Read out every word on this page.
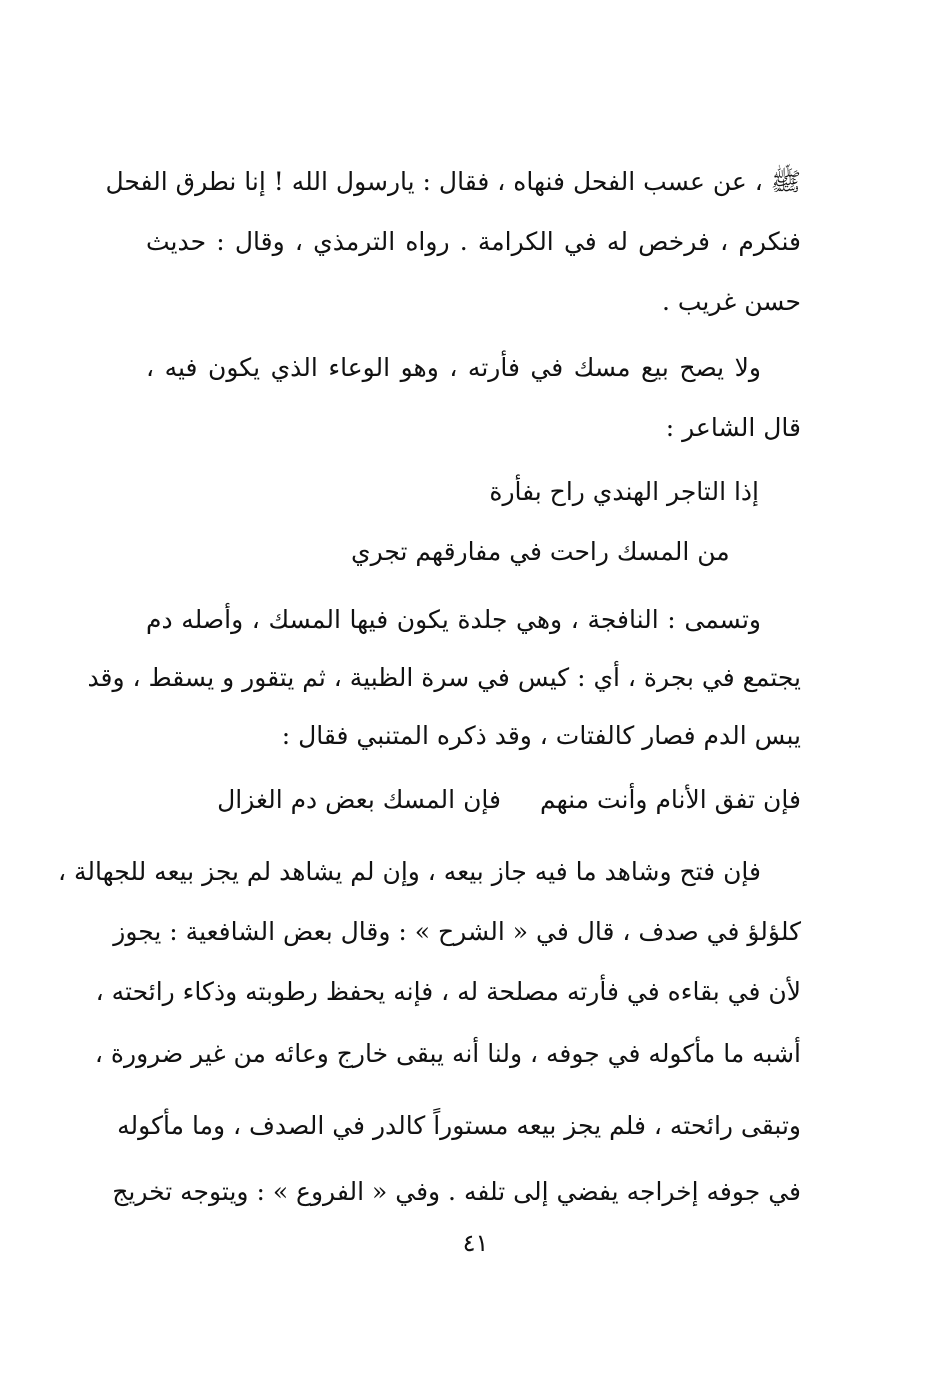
ﷺ ، عن عسب الفحل فنهاه ، فقال : يارسول الله ! إنا نطرق الفحل
فنكرم ، فرخص له في الكرامة . رواه الترمذي ، وقال : حديث
حسن غريب .
ولا يصح بيع مسك في فأرته ، وهو الوعاء الذي يكون فيه ،
قال الشاعر :
إذا التاجر الهندي راح بفأرة
من المسك راحت في مفارقهم تجري
وتسمى : النافجة ، وهي جلدة يكون فيها المسك ، وأصله دم
يجتمع في بجرة ، أي : كيس في سرة الظبية ، ثم يتقور و يسقط ، وقد
يبس الدم فصار كالفتات ، وقد ذكره المتنبي فقال :
فإن تفق الأنام وأنت منهم
فإن المسك بعض دم الغزال
فإن فتح وشاهد ما فيه جاز بيعه ، وإن لم يشاهد لم يجز بيعه للجهالة ،
كلؤلؤ في صدف ، قال في « الشرح » : وقال بعض الشافعية : يجوز
لأن في بقاءه في فأرته مصلحة له ، فإنه يحفظ رطوبته وذكاء رائحته ،
أشبه ما مأكوله في جوفه ، ولنا أنه يبقى خارج وعائه من غير ضرورة ،
وتبقى رائحته ، فلم يجز بيعه مستوراً كالدر في الصدف ، وما مأكوله
في جوفه إخراجه يفضي إلى تلفه . وفي « الفروع » : ويتوجه تخريج
٤١
